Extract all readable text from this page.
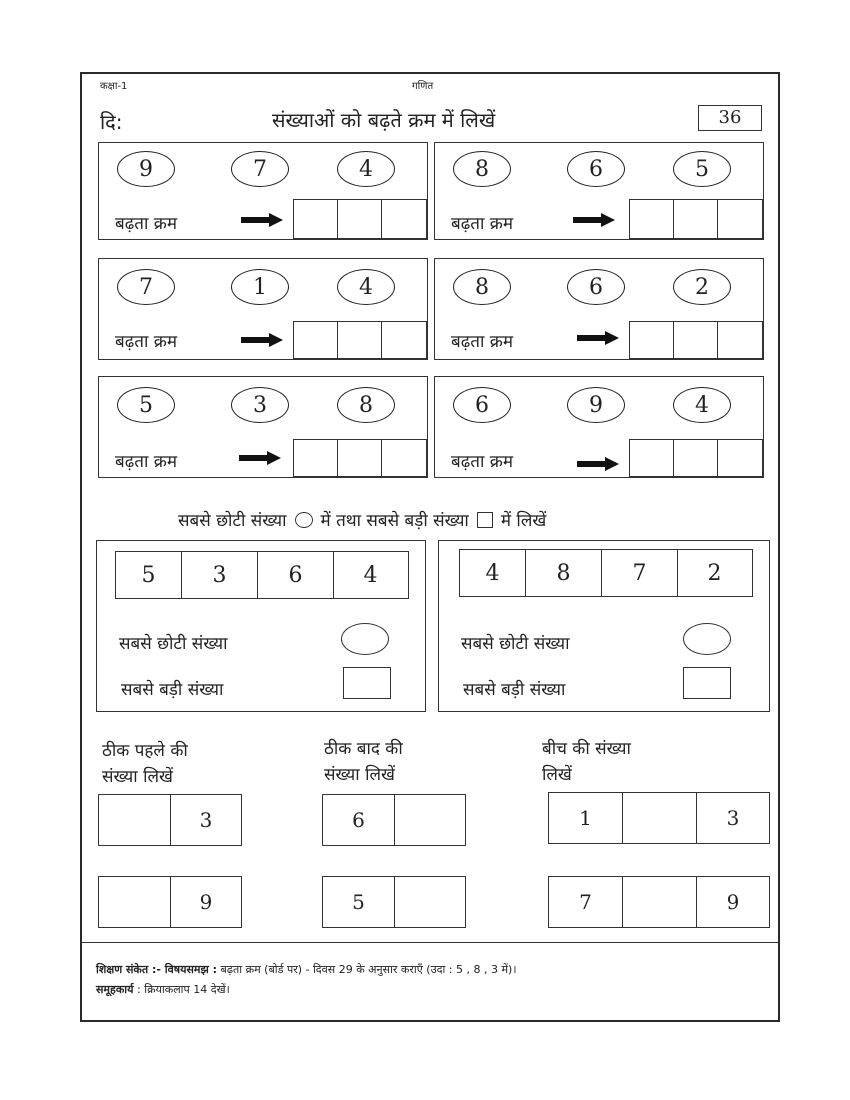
कक्षा-1	गणित
दि:	संख्याओं को बढ़ते क्रम में लिखें	36
9	7	4
बढ़ता क्रम
8	6	5
बढ़ता क्रम
7	1	4
बढ़ता क्रम
8	6	2
बढ़ता क्रम
5	3	8
बढ़ता क्रम
6	9	4
बढ़ता क्रम
सबसे छोटी संख्या में तथा सबसे बड़ी संख्या में लिखें
5	3	6	4
सबसे छोटी संख्या
सबसे बड़ी संख्या
4	8	7	2
सबसे छोटी संख्या
सबसे बड़ी संख्या
ठीक पहले की
संख्या लिखें
ठीक बाद की
संख्या लिखें
बीच की संख्या
लिखें
3
9
6
5
1	3
7	9
शिक्षण संकेत :- विषयसमझ : बढ़ता क्रम (बोर्ड पर) - दिवस 29 के अनुसार कराएँ (उदा : 5 , 8 , 3 में)।
समूहकार्य : क्रियाकलाप 14 देखें।
